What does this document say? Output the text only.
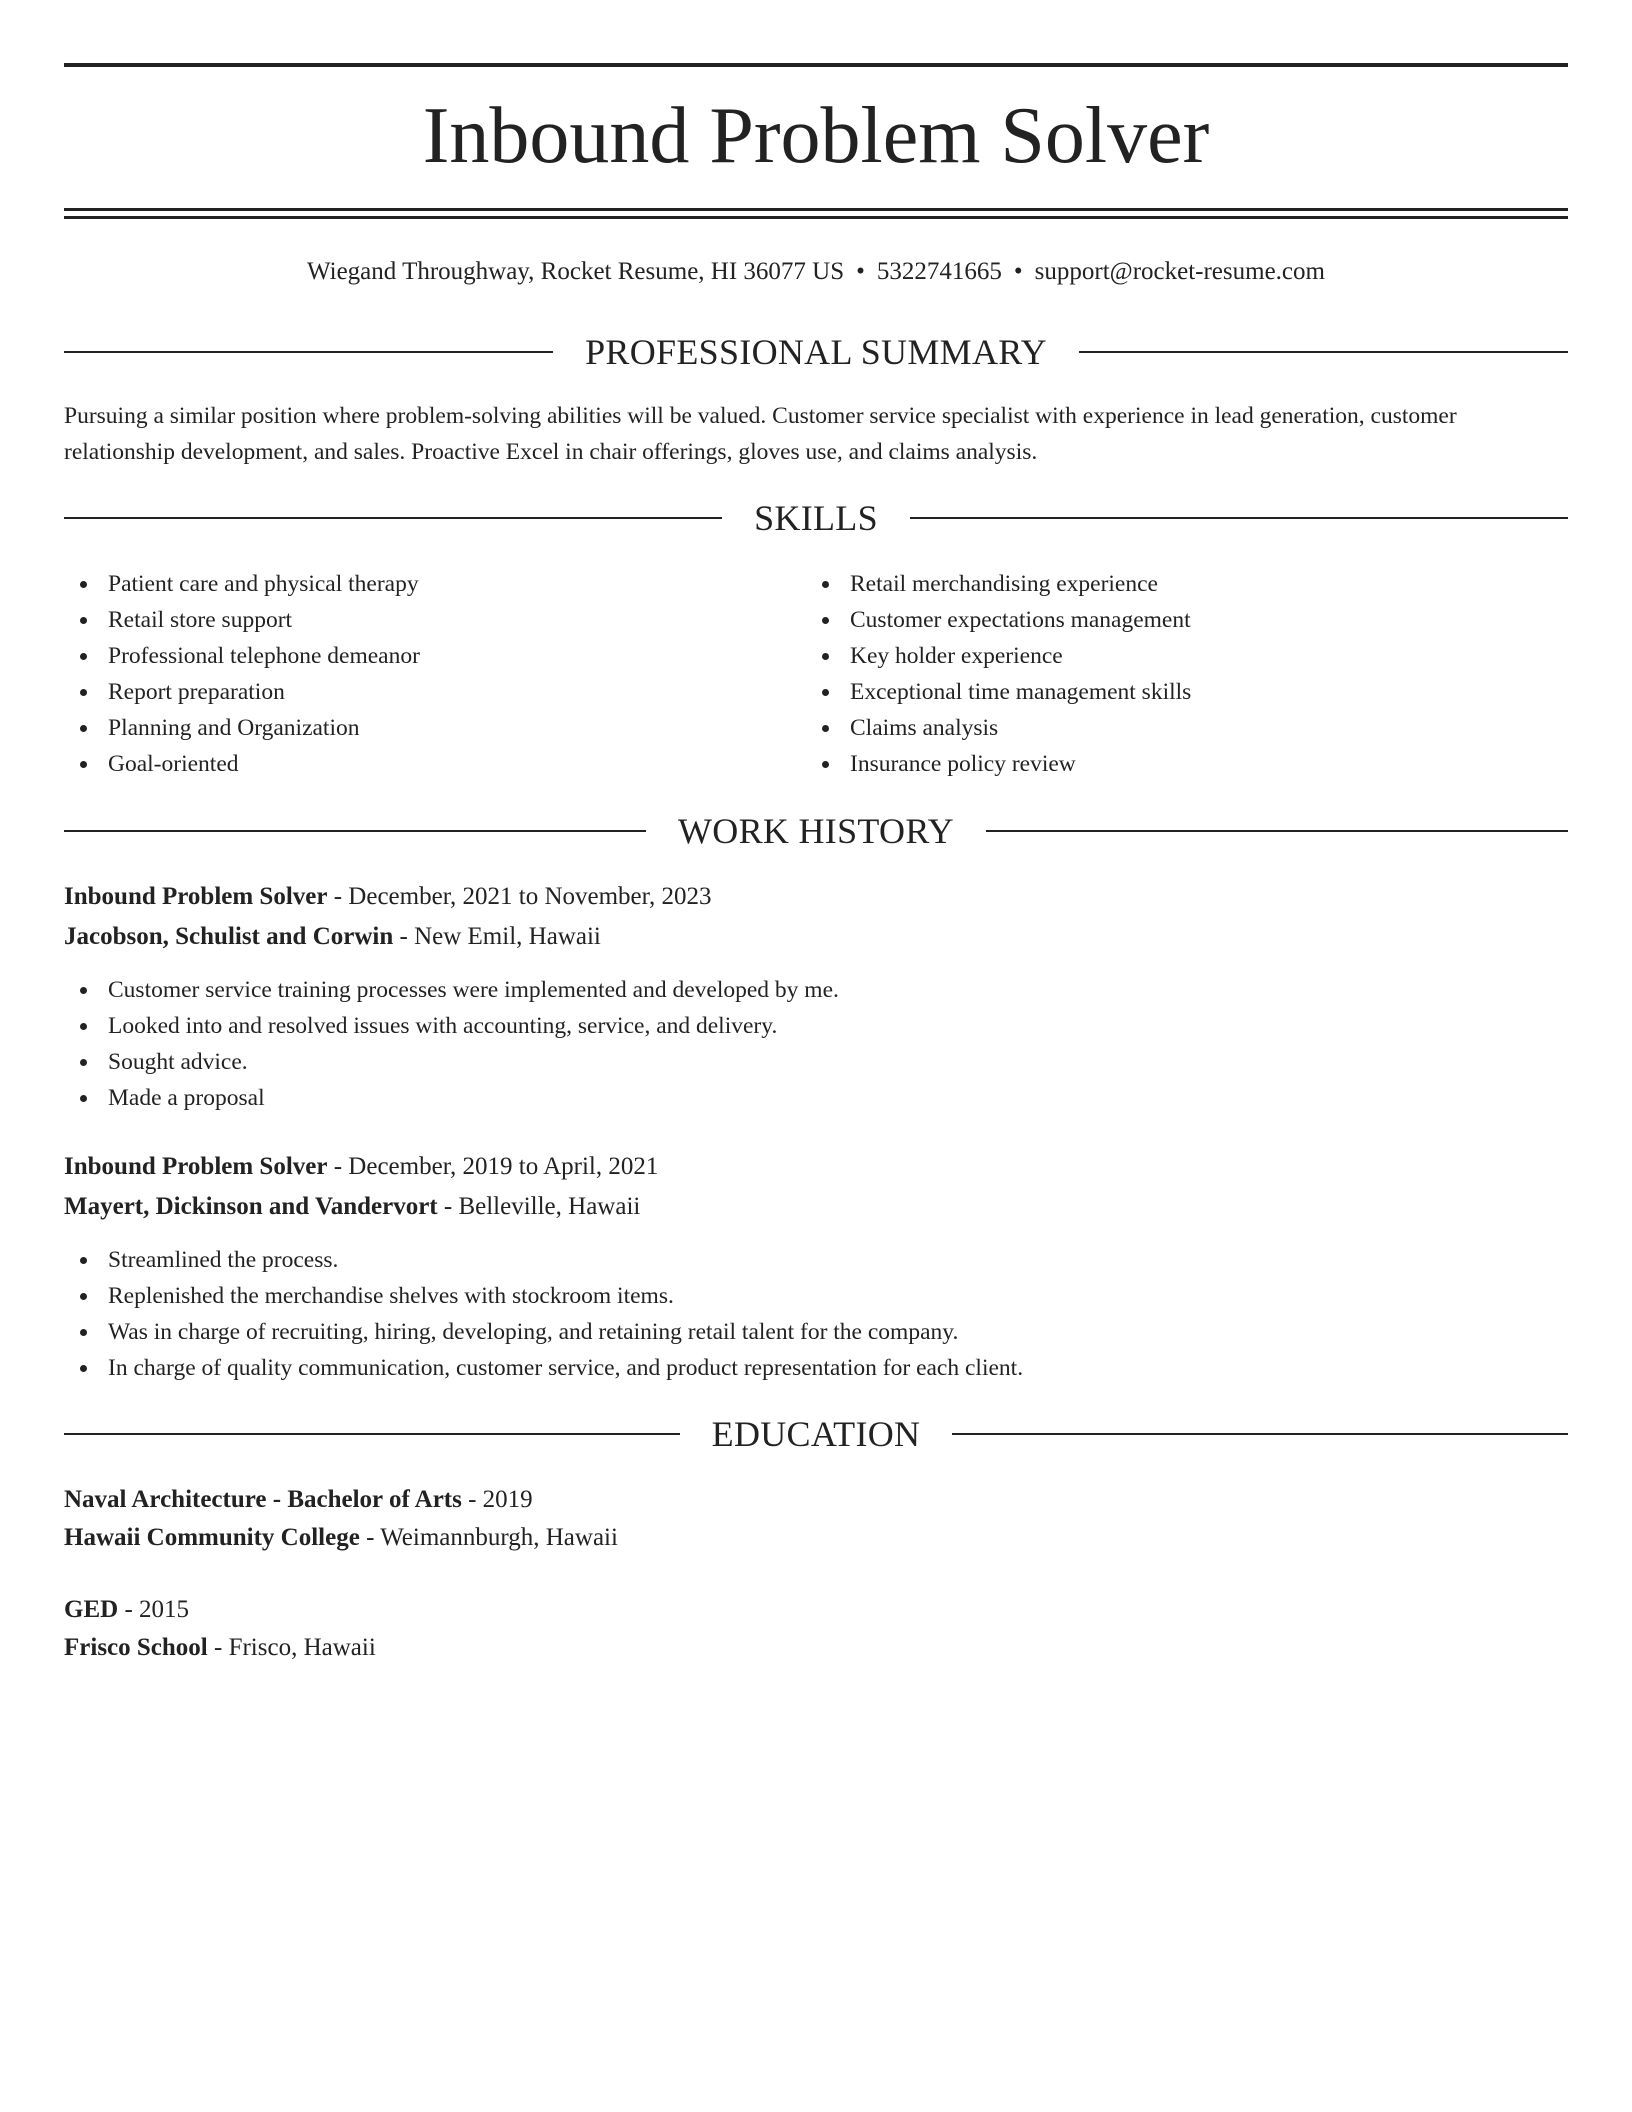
Inbound Problem Solver
Wiegand Throughway, Rocket Resume, HI 36077 US • 5322741665 • support@rocket-resume.com
PROFESSIONAL SUMMARY

Pursuing a similar position where problem-solving abilities will be valued. Customer service specialist with experience in lead generation, customer relationship development, and sales. Proactive Excel in chair offerings, gloves use, and claims analysis.

SKILLS
Patient care and physical therapy
Retail store support
Professional telephone demeanor
Report preparation
Planning and Organization
Goal-oriented
Retail merchandising experience
Customer expectations management
Key holder experience
Exceptional time management skills
Claims analysis
Insurance policy review
WORK HISTORY
Inbound Problem Solver - December, 2021 to November, 2023
Jacobson, Schulist and Corwin - New Emil, Hawaii
Customer service training processes were implemented and developed by me.
Looked into and resolved issues with accounting, service, and delivery.
Sought advice.
Made a proposal
Inbound Problem Solver - December, 2019 to April, 2021
Mayert, Dickinson and Vandervort - Belleville, Hawaii
Streamlined the process.
Replenished the merchandise shelves with stockroom items.
Was in charge of recruiting, hiring, developing, and retaining retail talent for the company.
In charge of quality communication, customer service, and product representation for each client.
EDUCATION
Naval Architecture - Bachelor of Arts - 2019
Hawaii Community College - Weimannburgh, Hawaii
GED - 2015
Frisco School - Frisco, Hawaii
